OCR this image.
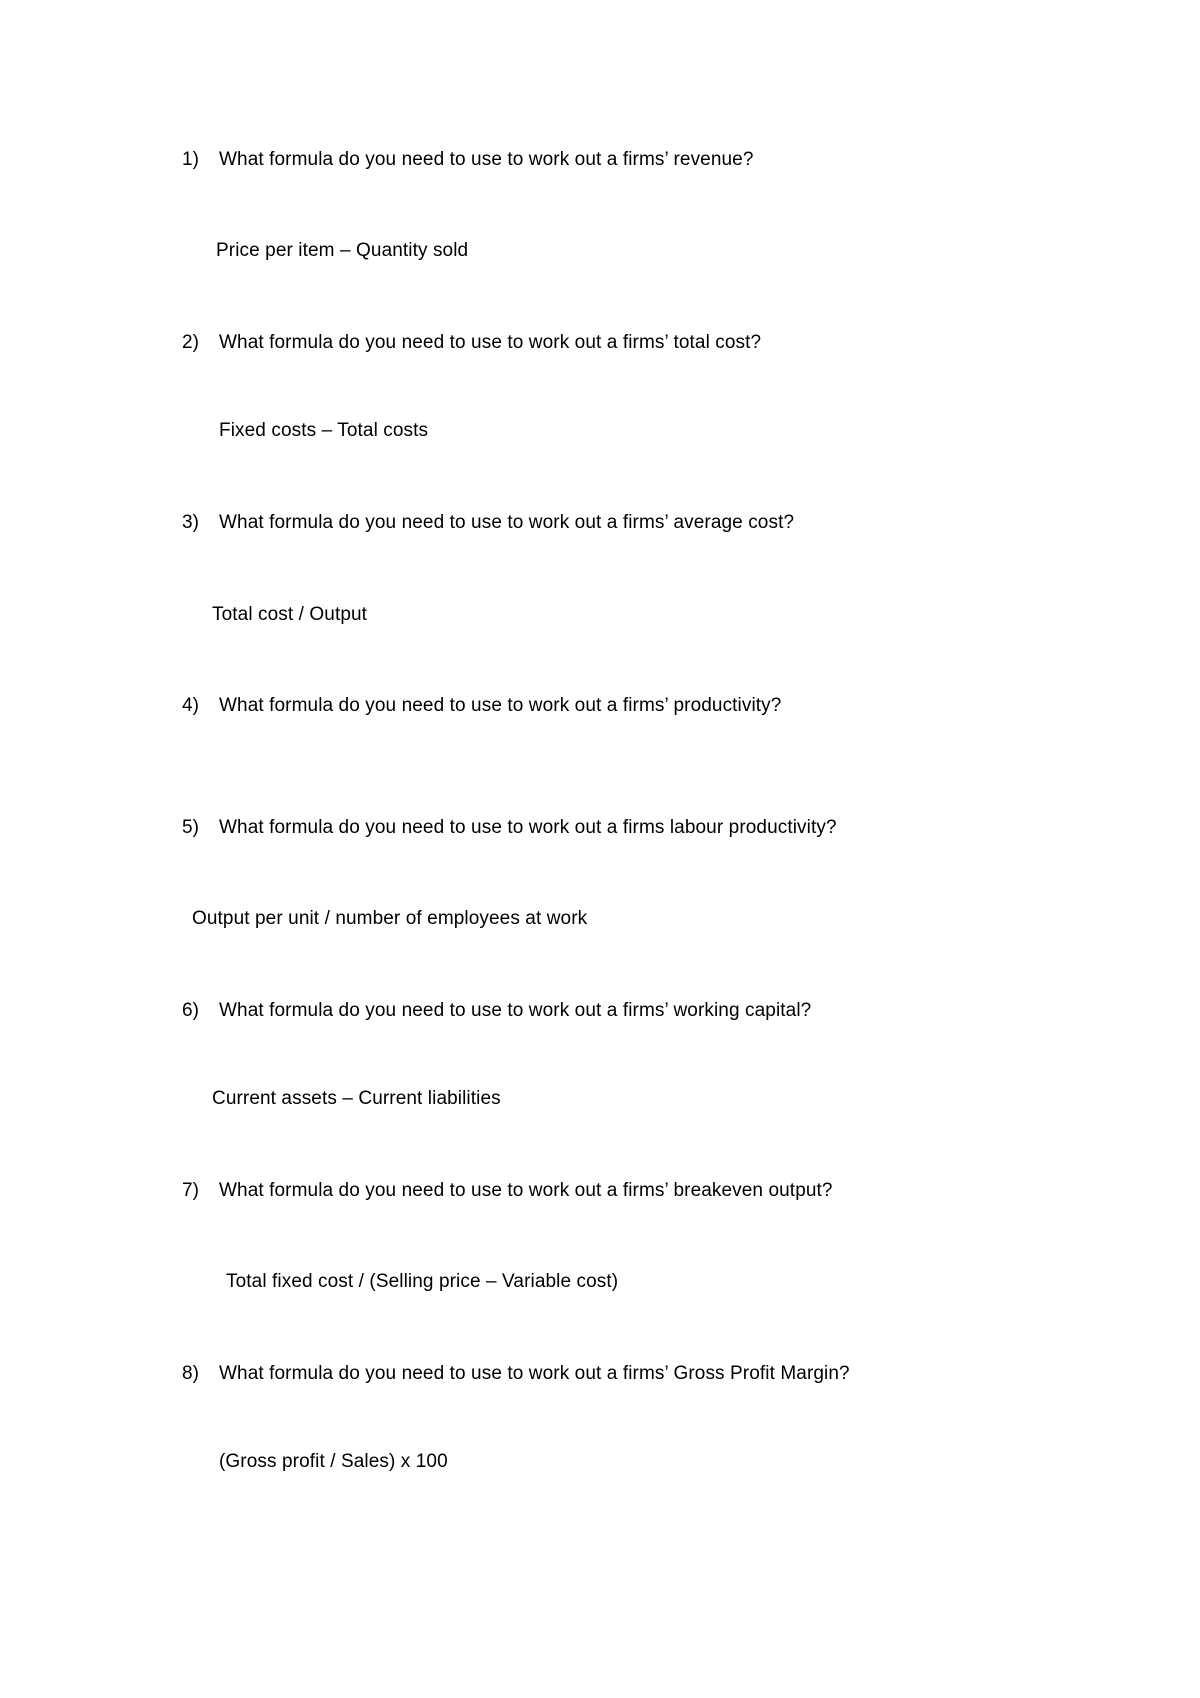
1) What formula do you need to use to work out a firms’ revenue?
Price per item – Quantity sold
2) What formula do you need to use to work out a firms’ total cost?
Fixed costs – Total costs
3) What formula do you need to use to work out a firms’ average cost?
Total cost / Output
4) What formula do you need to use to work out a firms’ productivity?
5) What formula do you need to use to work out a firms labour productivity?
Output per unit / number of employees at work
6) What formula do you need to use to work out a firms’ working capital?
Current assets – Current liabilities
7) What formula do you need to use to work out a firms’ breakeven output?
Total fixed cost / (Selling price – Variable cost)
8) What formula do you need to use to work out a firms’ Gross Profit Margin?
(Gross profit / Sales) x 100
